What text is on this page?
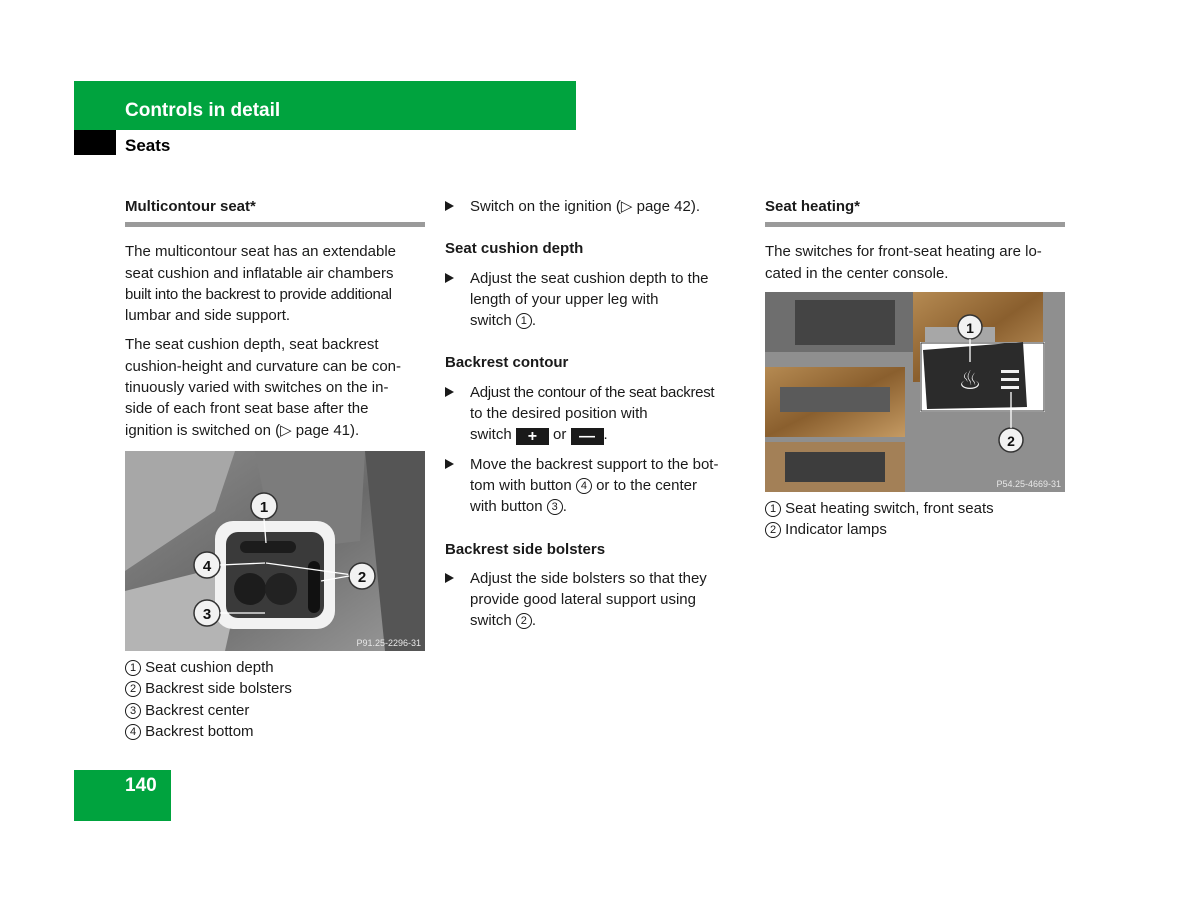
Controls in detail
Seats
Multicontour seat*

The multicontour seat has an extendable
seat cushion and inflatable air chambers
built into the backrest to provide additional
lumbar and side support.

The seat cushion depth, seat backrest
cushion-height and curvature can be con-
tinuously varied with switches on the in-
side of each front seat base after the
ignition is switched on (▷ page 41).

1
2
4
3
P91.25-2296-31
1 Seat cushion depth
2 Backrest side bolsters
3 Backrest center
4 Backrest bottom
Switch on the ignition (▷ page 42).
Seat cushion depth
Adjust the seat cushion depth to the
length of your upper leg with
switch 1 .
Backrest contour
Adjust the contour of the seat backrest
to the desired position with
switch + or — .
Move the backrest support to the bot-
tom with button 4 or to the center
with button 3 .
Backrest side bolsters
Adjust the side bolsters so that they
provide good lateral support using
switch 2 .
Seat heating*

The switches for front-seat heating are lo-
cated in the center console.

♨
1
2
P54.25-4669-31
1 Seat heating switch, front seats
2 Indicator lamps
140
